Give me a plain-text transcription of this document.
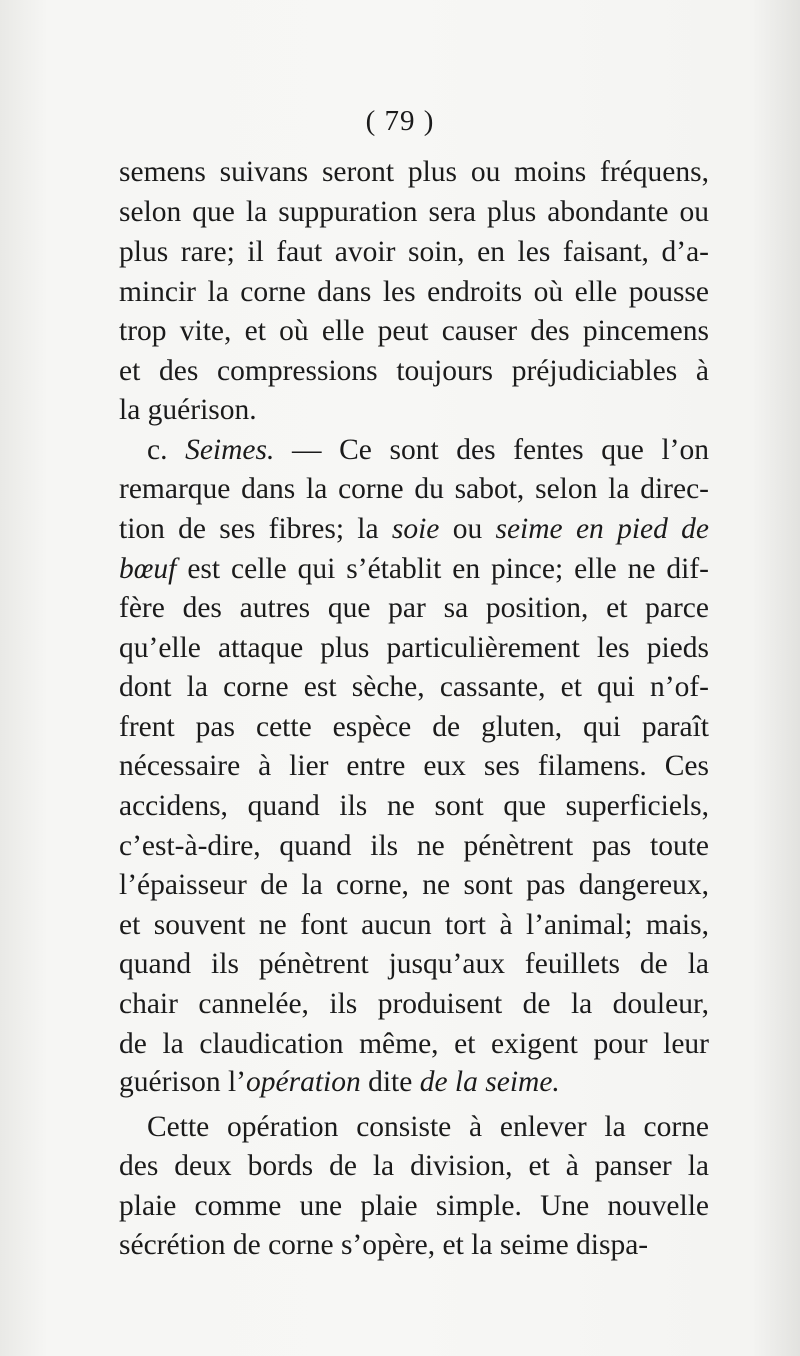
( 79 )
semens suivans seront plus ou moins fréquens,
selon que la suppuration sera plus abondante ou
plus rare; il faut avoir soin, en les faisant, d’a-
mincir la corne dans les endroits où elle pousse
trop vite, et où elle peut causer des pincemens
et des compressions toujours préjudiciables à
la guérison.
c. Seimes. — Ce sont des fentes que l’on
remarque dans la corne du sabot, selon la direc-
tion de ses fibres; la soie ou seime en pied de
bœuf est celle qui s’établit en pince; elle ne dif-
fère des autres que par sa position, et parce
qu’elle attaque plus particulièrement les pieds
dont la corne est sèche, cassante, et qui n’of-
frent pas cette espèce de gluten, qui paraît
nécessaire à lier entre eux ses filamens. Ces
accidens, quand ils ne sont que superficiels,
c’est-à-dire, quand ils ne pénètrent pas toute
l’épaisseur de la corne, ne sont pas dangereux,
et souvent ne font aucun tort à l’animal; mais,
quand ils pénètrent jusqu’aux feuillets de la
chair cannelée, ils produisent de la douleur,
de la claudication même, et exigent pour leur
guérison l’opération dite de la seime.
Cette opération consiste à enlever la corne
des deux bords de la division, et à panser la
plaie comme une plaie simple. Une nouvelle
sécrétion de corne s’opère, et la seime dispa-
